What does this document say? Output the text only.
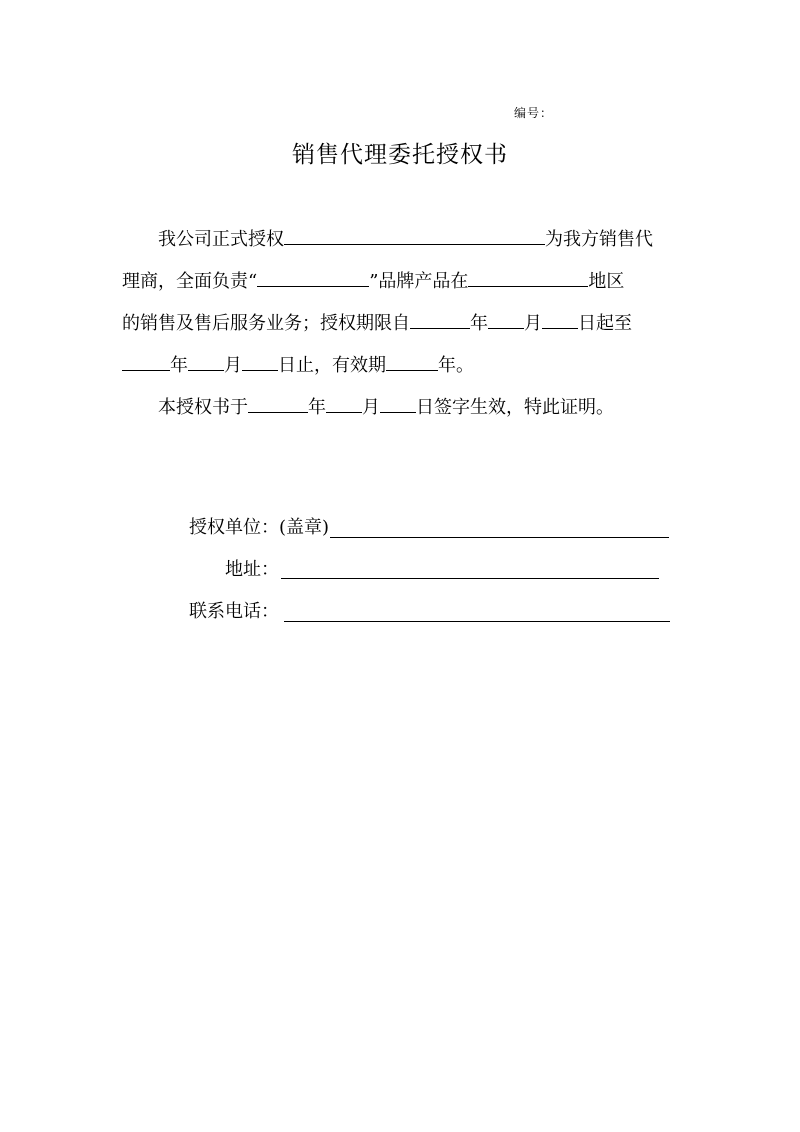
编号：
销售代理委托授权书
我公司正式授权	为我方销售代
理商，全面负责“	”品牌产品在	地区
的销售及售后服务业务；授权期限自	年 月 日起至
年 月 日止，有效期	年。
本授权书于	年 月 日签字生效，特此证明。
授权单位：(盖章)
地址：
联系电话：
